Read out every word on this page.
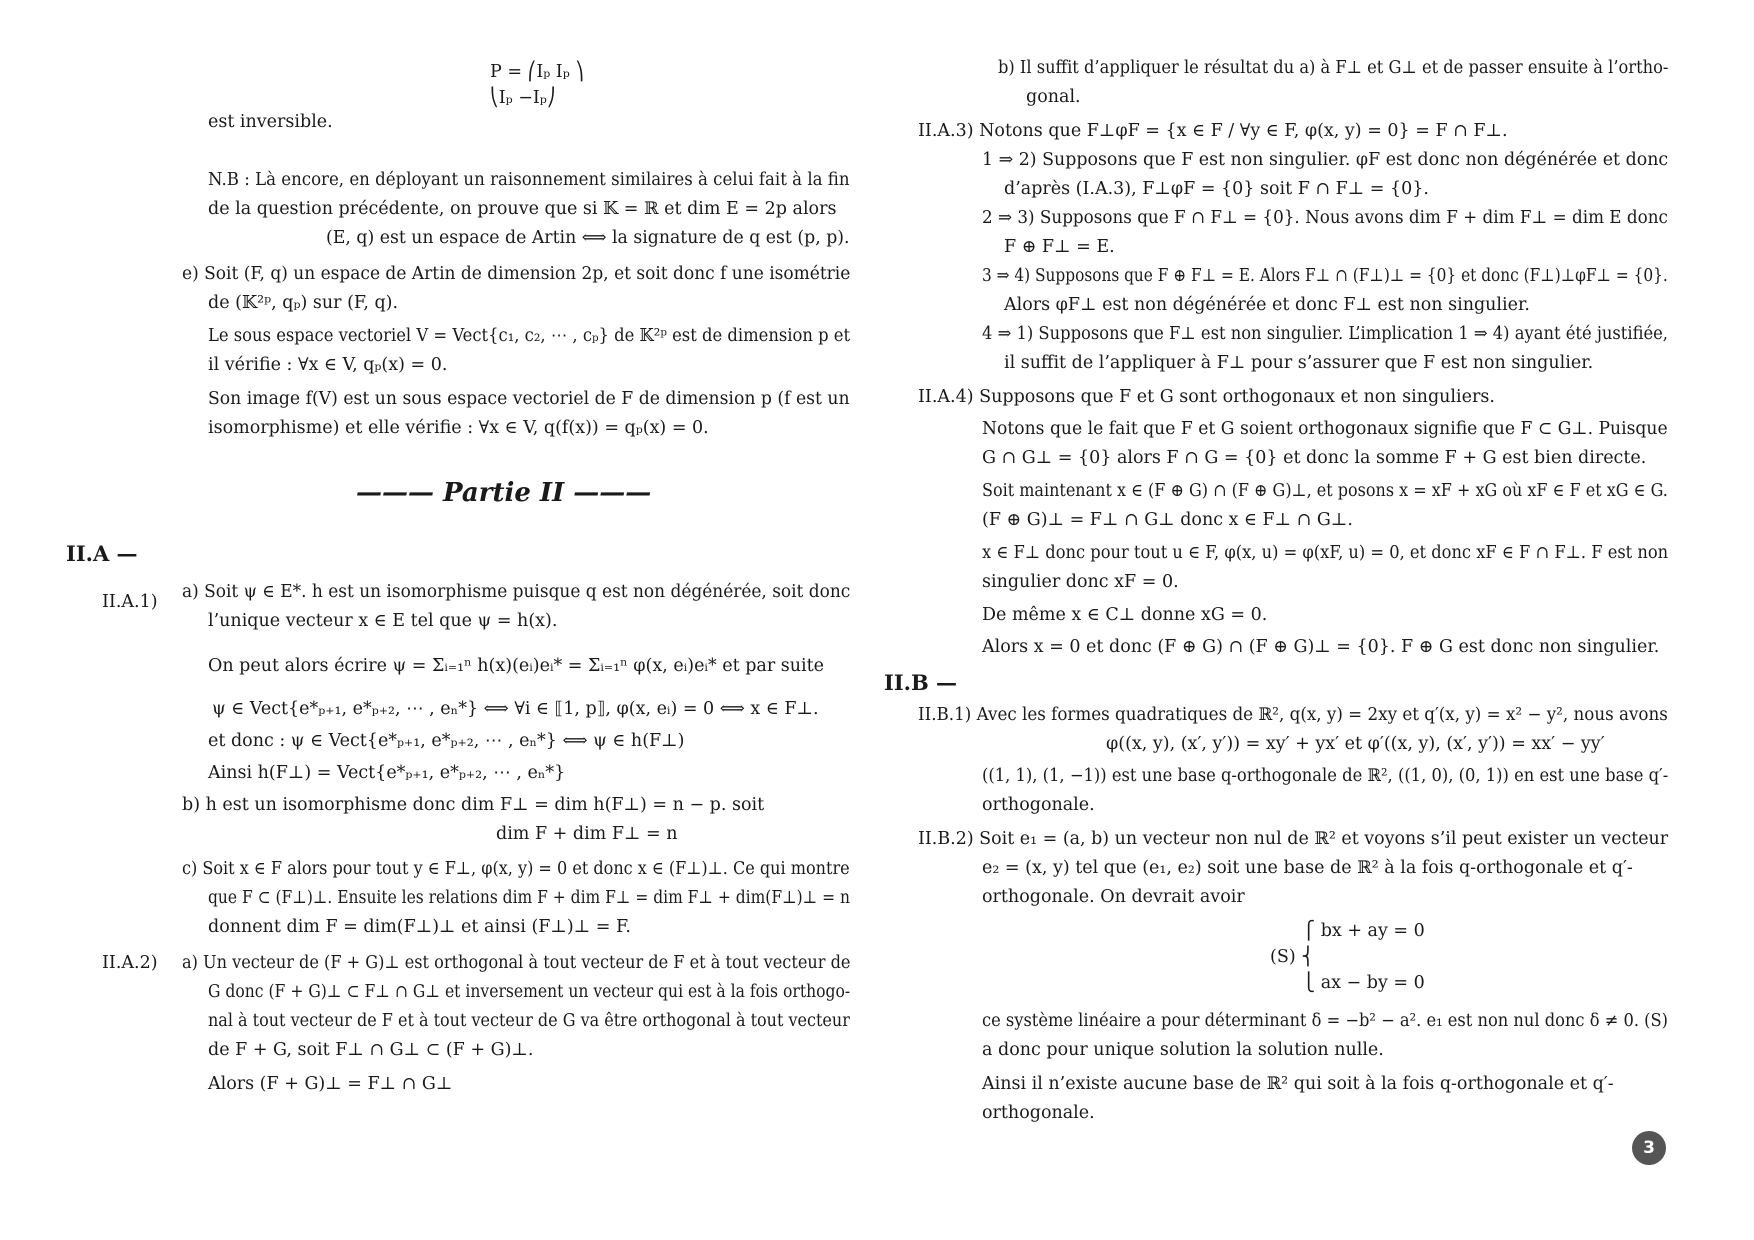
P = ⎛Iₚ Iₚ ⎞
⎝Iₚ −Iₚ⎠
est inversible.
N.B : Là encore, en déployant un raisonnement similaires à celui fait à la fin
de la question précédente, on prouve que si 𝕂 = ℝ et dim E = 2p alors
(E, q) est un espace de Artin ⟺ la signature de q est (p, p).
e) Soit (F, q) un espace de Artin de dimension 2p, et soit donc f une isométrie
de (𝕂²ᵖ, qₚ) sur (F, q).
Le sous espace vectoriel V = Vect{c₁, c₂, ⋯ , cₚ} de 𝕂²ᵖ est de dimension p et
il vérifie : ∀x ∈ V, qₚ(x) = 0.
Son image f(V) est un sous espace vectoriel de F de dimension p (f est un
isomorphisme) et elle vérifie : ∀x ∈ V, q(f(x)) = qₚ(x) = 0.
II.A.1) a) Soit ψ ∈ E*. h est un isomorphisme puisque q est non dégénérée, soit donc
l’unique vecteur x ∈ E tel que ψ = h(x).
On peut alors écrire ψ = Σᵢ₌₁ⁿ h(x)(eᵢ)eᵢ* = Σᵢ₌₁ⁿ φ(x, eᵢ)eᵢ* et par suite
ψ ∈ Vect{e*ₚ₊₁, e*ₚ₊₂, ⋯ , eₙ*} ⟺ ∀i ∈ ⟦1, p⟧, φ(x, eᵢ) = 0 ⟺ x ∈ F⊥.
et donc : ψ ∈ Vect{e*ₚ₊₁, e*ₚ₊₂, ⋯ , eₙ*} ⟺ ψ ∈ h(F⊥)
Ainsi h(F⊥) = Vect{e*ₚ₊₁, e*ₚ₊₂, ⋯ , eₙ*}
b) h est un isomorphisme donc dim F⊥ = dim h(F⊥) = n − p. soit
dim F + dim F⊥ = n
c) Soit x ∈ F alors pour tout y ∈ F⊥, φ(x, y) = 0 et donc x ∈ (F⊥)⊥. Ce qui montre
que F ⊂ (F⊥)⊥. Ensuite les relations dim F + dim F⊥ = dim F⊥ + dim(F⊥)⊥ = n
donnent dim F = dim(F⊥)⊥ et ainsi (F⊥)⊥ = F.
II.A.2) a) Un vecteur de (F + G)⊥ est orthogonal à tout vecteur de F et à tout vecteur de
G donc (F + G)⊥ ⊂ F⊥ ∩ G⊥ et inversement un vecteur qui est à la fois orthogo-
nal à tout vecteur de F et à tout vecteur de G va être orthogonal à tout vecteur
de F + G, soit F⊥ ∩ G⊥ ⊂ (F + G)⊥.
Alors (F + G)⊥ = F⊥ ∩ G⊥
b) Il suffit d’appliquer le résultat du a) à F⊥ et G⊥ et de passer ensuite à l’ortho-
gonal.
II.A.3) Notons que F⊥φF = {x ∈ F / ∀y ∈ F, φ(x, y) = 0} = F ∩ F⊥.
1 ⇒ 2) Supposons que F est non singulier. φF est donc non dégénérée et donc
d’après (I.A.3), F⊥φF = {0} soit F ∩ F⊥ = {0}.
2 ⇒ 3) Supposons que F ∩ F⊥ = {0}. Nous avons dim F + dim F⊥ = dim E donc
F ⊕ F⊥ = E.
3 ⇒ 4) Supposons que F ⊕ F⊥ = E. Alors F⊥ ∩ (F⊥)⊥ = {0} et donc (F⊥)⊥φF⊥ = {0}.
Alors φF⊥ est non dégénérée et donc F⊥ est non singulier.
4 ⇒ 1) Supposons que F⊥ est non singulier. L’implication 1 ⇒ 4) ayant été justifiée,
il suffit de l’appliquer à F⊥ pour s’assurer que F est non singulier.
II.A.4) Supposons que F et G sont orthogonaux et non singuliers.
Notons que le fait que F et G soient orthogonaux signifie que F ⊂ G⊥. Puisque
G ∩ G⊥ = {0} alors F ∩ G = {0} et donc la somme F + G est bien directe.
Soit maintenant x ∈ (F ⊕ G) ∩ (F ⊕ G)⊥, et posons x = xF + xG où xF ∈ F et xG ∈ G.
(F ⊕ G)⊥ = F⊥ ∩ G⊥ donc x ∈ F⊥ ∩ G⊥.
x ∈ F⊥ donc pour tout u ∈ F, φ(x, u) = φ(xF, u) = 0, et donc xF ∈ F ∩ F⊥. F est non
singulier donc xF = 0.
De même x ∈ C⊥ donne xG = 0.
Alors x = 0 et donc (F ⊕ G) ∩ (F ⊕ G)⊥ = {0}. F ⊕ G est donc non singulier.
II.B.1) Avec les formes quadratiques de ℝ², q(x, y) = 2xy et q′(x, y) = x² − y², nous avons
φ((x, y), (x′, y′)) = xy′ + yx′ et φ′((x, y), (x′, y′)) = xx′ − yy′
((1, 1), (1, −1)) est une base q-orthogonale de ℝ², ((1, 0), (0, 1)) en est une base q′-
orthogonale.
II.B.2) Soit e₁ = (a, b) un vecteur non nul de ℝ² et voyons s’il peut exister un vecteur
e₂ = (x, y) tel que (e₁, e₂) soit une base de ℝ² à la fois q-orthogonale et q′-
orthogonale. On devrait avoir
⎧ bx + ay = 0
(S) ⎨
⎩ ax − by = 0
ce système linéaire a pour déterminant δ = −b² − a². e₁ est non nul donc δ ≠ 0. (S)
a donc pour unique solution la solution nulle.
Ainsi il n’existe aucune base de ℝ² qui soit à la fois q-orthogonale et q′-
orthogonale.
——— Partie II ———
II.A —
II.B —
3
